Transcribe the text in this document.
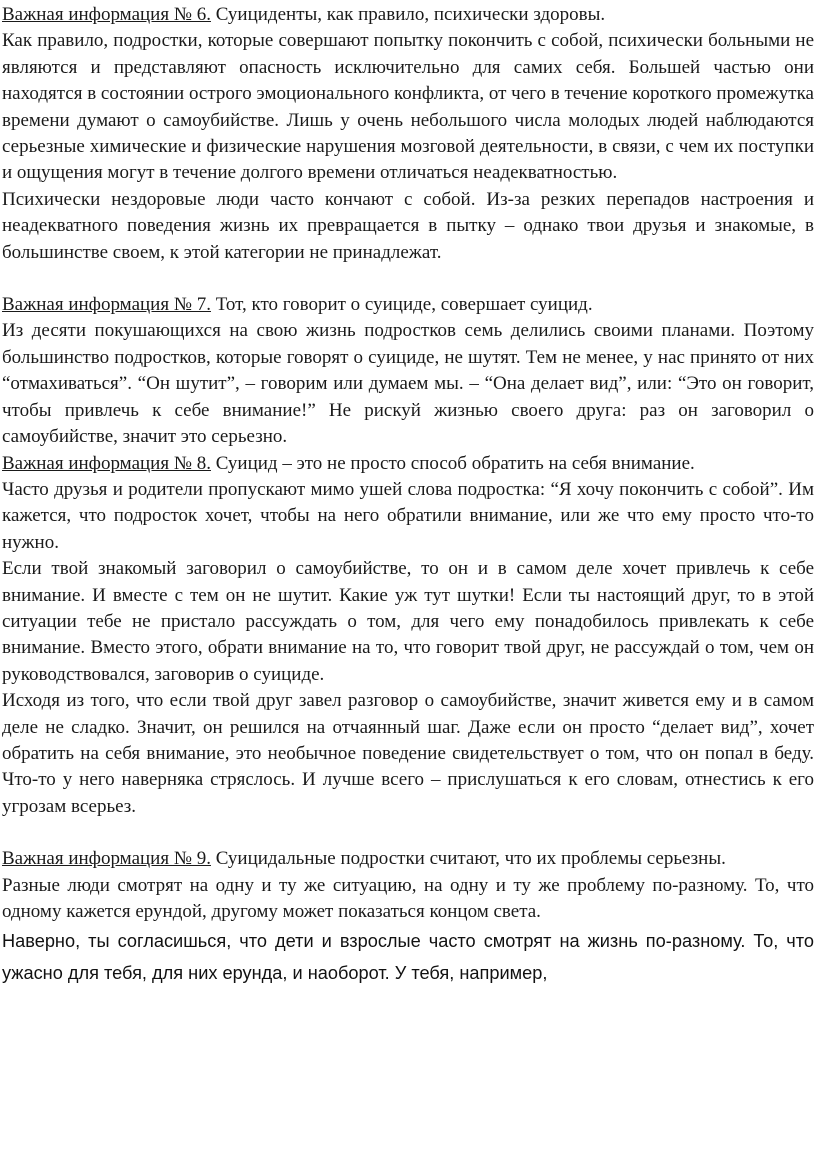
Важная информация № 6. Суициденты, как правило, психически здоровы.

Как правило, подростки, которые совершают попытку покончить с собой, психически больными не являются и представляют опасность исключительно для самих себя. Большей частью они находятся в состоянии острого эмоционального конфликта, от чего в течение короткого промежутка времени думают о самоубийстве. Лишь у очень небольшого числа молодых людей наблюдаются серьезные химические и физические нарушения мозговой деятельности, в связи, с чем их поступки и ощущения могут в течение долгого времени отличаться неадекватностью.

Психически нездоровые люди часто кончают с собой. Из-за резких перепадов настроения и неадекватного поведения жизнь их превращается в пытку – однако твои друзья и знакомые, в большинстве своем, к этой категории не принадлежат.

Важная информация № 7. Тот, кто говорит о суициде, совершает суицид.

Из десяти покушающихся на свою жизнь подростков семь делились своими планами. Поэтому большинство подростков, которые говорят о суициде, не шутят. Тем не менее, у нас принято от них “отмахиваться”. “Он шутит”, – говорим или думаем мы. – “Она делает вид”, или: “Это он говорит, чтобы привлечь к себе внимание!” Не рискуй жизнью своего друга: раз он заговорил о самоубийстве, значит это серьезно.

Важная информация № 8. Суицид – это не просто способ обратить на себя внимание.

Часто друзья и родители пропускают мимо ушей слова подростка: “Я хочу покончить с собой”. Им кажется, что подросток хочет, чтобы на него обратили внимание, или же что ему просто что-то нужно.

Если твой знакомый заговорил о самоубийстве, то он и в самом деле хочет привлечь к себе внимание. И вместе с тем он не шутит. Какие уж тут шутки! Если ты настоящий друг, то в этой ситуации тебе не пристало рассуждать о том, для чего ему понадобилось привлекать к себе внимание. Вместо этого, обрати внимание на то, что говорит твой друг, не рассуждай о том, чем он руководствовался, заговорив о суициде.

Исходя из того, что если твой друг завел разговор о самоубийстве, значит живется ему и в самом деле не сладко. Значит, он решился на отчаянный шаг. Даже если он просто “делает вид”, хочет обратить на себя внимание, это необычное поведение свидетельствует о том, что он попал в беду. Что-то у него наверняка стряслось. И лучше всего – прислушаться к его словам, отнестись к его угрозам всерьез.

Важная информация № 9. Суицидальные подростки считают, что их проблемы серьезны.

Разные люди смотрят на одну и ту же ситуацию, на одну и ту же проблему по-разному. То, что одному кажется ерундой, другому может показаться концом света.

Наверно, ты согласишься, что дети и взрослые часто смотрят на жизнь по-разному. То, что ужасно для тебя, для них ерунда, и наоборот. У тебя, например,
